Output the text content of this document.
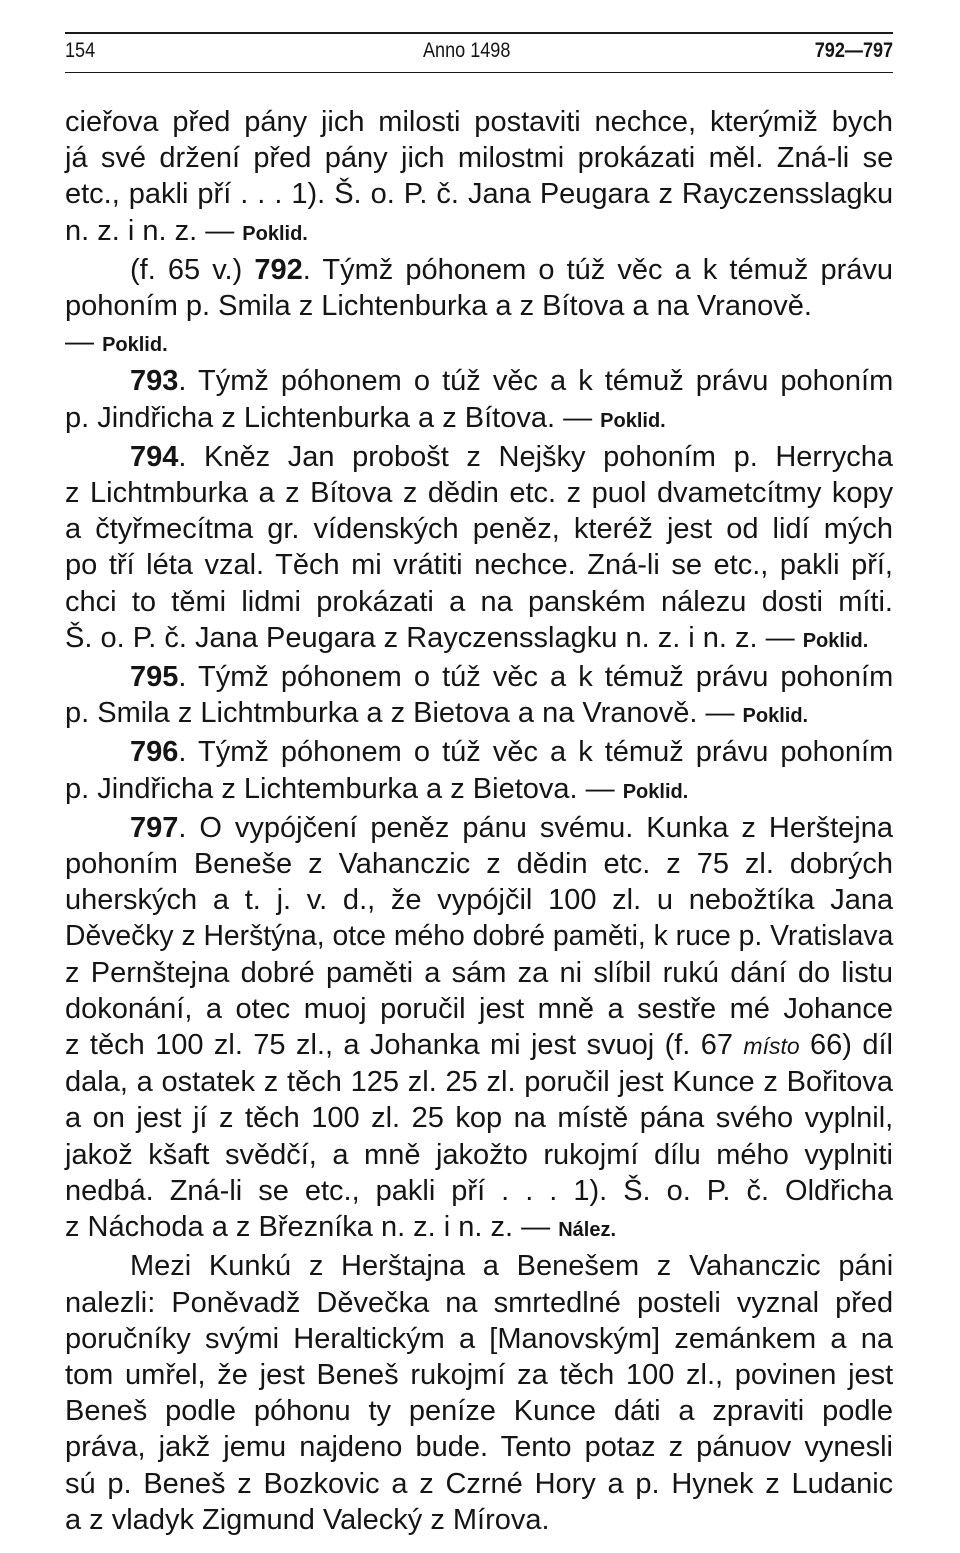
154	Anno 1498	792—797
cieřova před pány jich milosti postaviti nechce, kterýmiž bych
já své držení před pány jich milostmi prokázati měl. Zná-li se
etc., pakli pří . . . 1). Š. o. P. č. Jana Peugara z Rayczensslagku
n. z. i n. z. — Poklid.
(f. 65 v.) 792. Týmž póhonem o túž věc a k témuž právu
pohoním p. Smila z Lichtenburka a z Bítova a na Vranově.
— Poklid.
793. Týmž póhonem o túž věc a k témuž právu pohoním
p. Jindřicha z Lichtenburka a z Bítova. — Poklid.
794. Kněz Jan probošt z Nejšky pohoním p. Herrycha
z Lichtmburka a z Bítova z dědin etc. z puol dvametcítmy kopy
a čtyřmecítma gr. vídenských peněz, kteréž jest od lidí mých
po tří léta vzal. Těch mi vrátiti nechce. Zná-li se etc., pakli pří,
chci to těmi lidmi prokázati a na panském nálezu dosti míti.
Š. o. P. č. Jana Peugara z Rayczensslagku n. z. i n. z. — Poklid.
795. Týmž póhonem o túž věc a k témuž právu pohoním
p. Smila z Lichtmburka a z Bietova a na Vranově. — Poklid.
796. Týmž póhonem o túž věc a k témuž právu pohoním
p. Jindřicha z Lichtemburka a z Bietova. — Poklid.
797. O vypójčení peněz pánu svému. Kunka z Herštejna
pohoním Beneše z Vahanczic z dědin etc. z 75 zl. dobrých
uherských a t. j. v. d., že vypójčil 100 zl. u nebožtíka Jana
Děvečky z Herštýna, otce mého dobré paměti, k ruce p. Vratislava
z Pernštejna dobré paměti a sám za ni slíbil rukú dání do listu
dokonání, a otec muoj poručil jest mně a sestře mé Johance
z těch 100 zl. 75 zl., a Johanka mi jest svuoj (f. 67 místo 66) díl
dala, a ostatek z těch 125 zl. 25 zl. poručil jest Kunce z Bořitova
a on jest jí z těch 100 zl. 25 kop na místě pána svého vyplnil,
jakož kšaft svědčí, a mně jakožto rukojmí dílu mého vyplniti
nedbá. Zná-li se etc., pakli pří . . . 1). Š. o. P. č. Oldřicha
z Náchoda a z Březníka n. z. i n. z. — Nález.
Mezi Kunkú z Herštajna a Benešem z Vahanczic páni
nalezli: Poněvadž Děvečka na smrtedlné posteli vyznal před
poručníky svými Heraltickým a [Manovským] zemánkem a na
tom umřel, že jest Beneš rukojmí za těch 100 zl., povinen jest
Beneš podle póhonu ty peníze Kunce dáti a zpraviti podle
práva, jakž jemu najdeno bude. Tento potaz z pánuov vynesli
sú p. Beneš z Bozkovic a z Czrné Hory a p. Hynek z Ludanic
a z vladyk Zigmund Valecký z Mírova.
